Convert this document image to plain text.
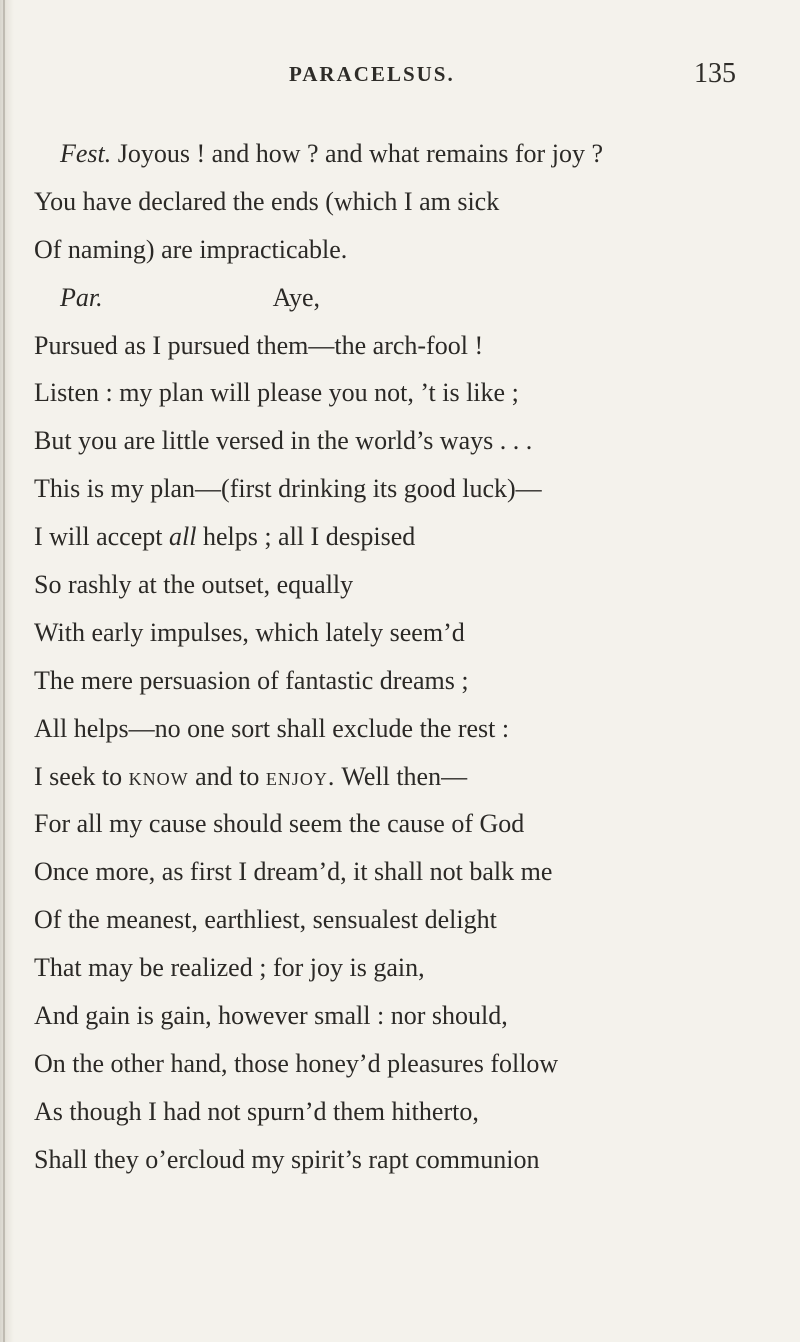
PARACELSUS.	135
Fest. Joyous ! and how ? and what remains for joy ?
You have declared the ends (which I am sick
Of naming) are impracticable.
Par.	Aye,
Pursued as I pursued them—the arch-fool !
Listen : my plan will please you not, ’t is like ;
But you are little versed in the world’s ways . . .
This is my plan—(first drinking its good luck)—
I will accept all helps ; all I despised
So rashly at the outset, equally
With early impulses, which lately seem’d
The mere persuasion of fantastic dreams ;
All helps—no one sort shall exclude the rest :
I seek to know and to enjoy. Well then—
For all my cause should seem the cause of God
Once more, as first I dream’d, it shall not balk me
Of the meanest, earthliest, sensualest delight
That may be realized ; for joy is gain,
And gain is gain, however small : nor should,
On the other hand, those honey’d pleasures follow
As though I had not spurn’d them hitherto,
Shall they o’ercloud my spirit’s rapt communion
